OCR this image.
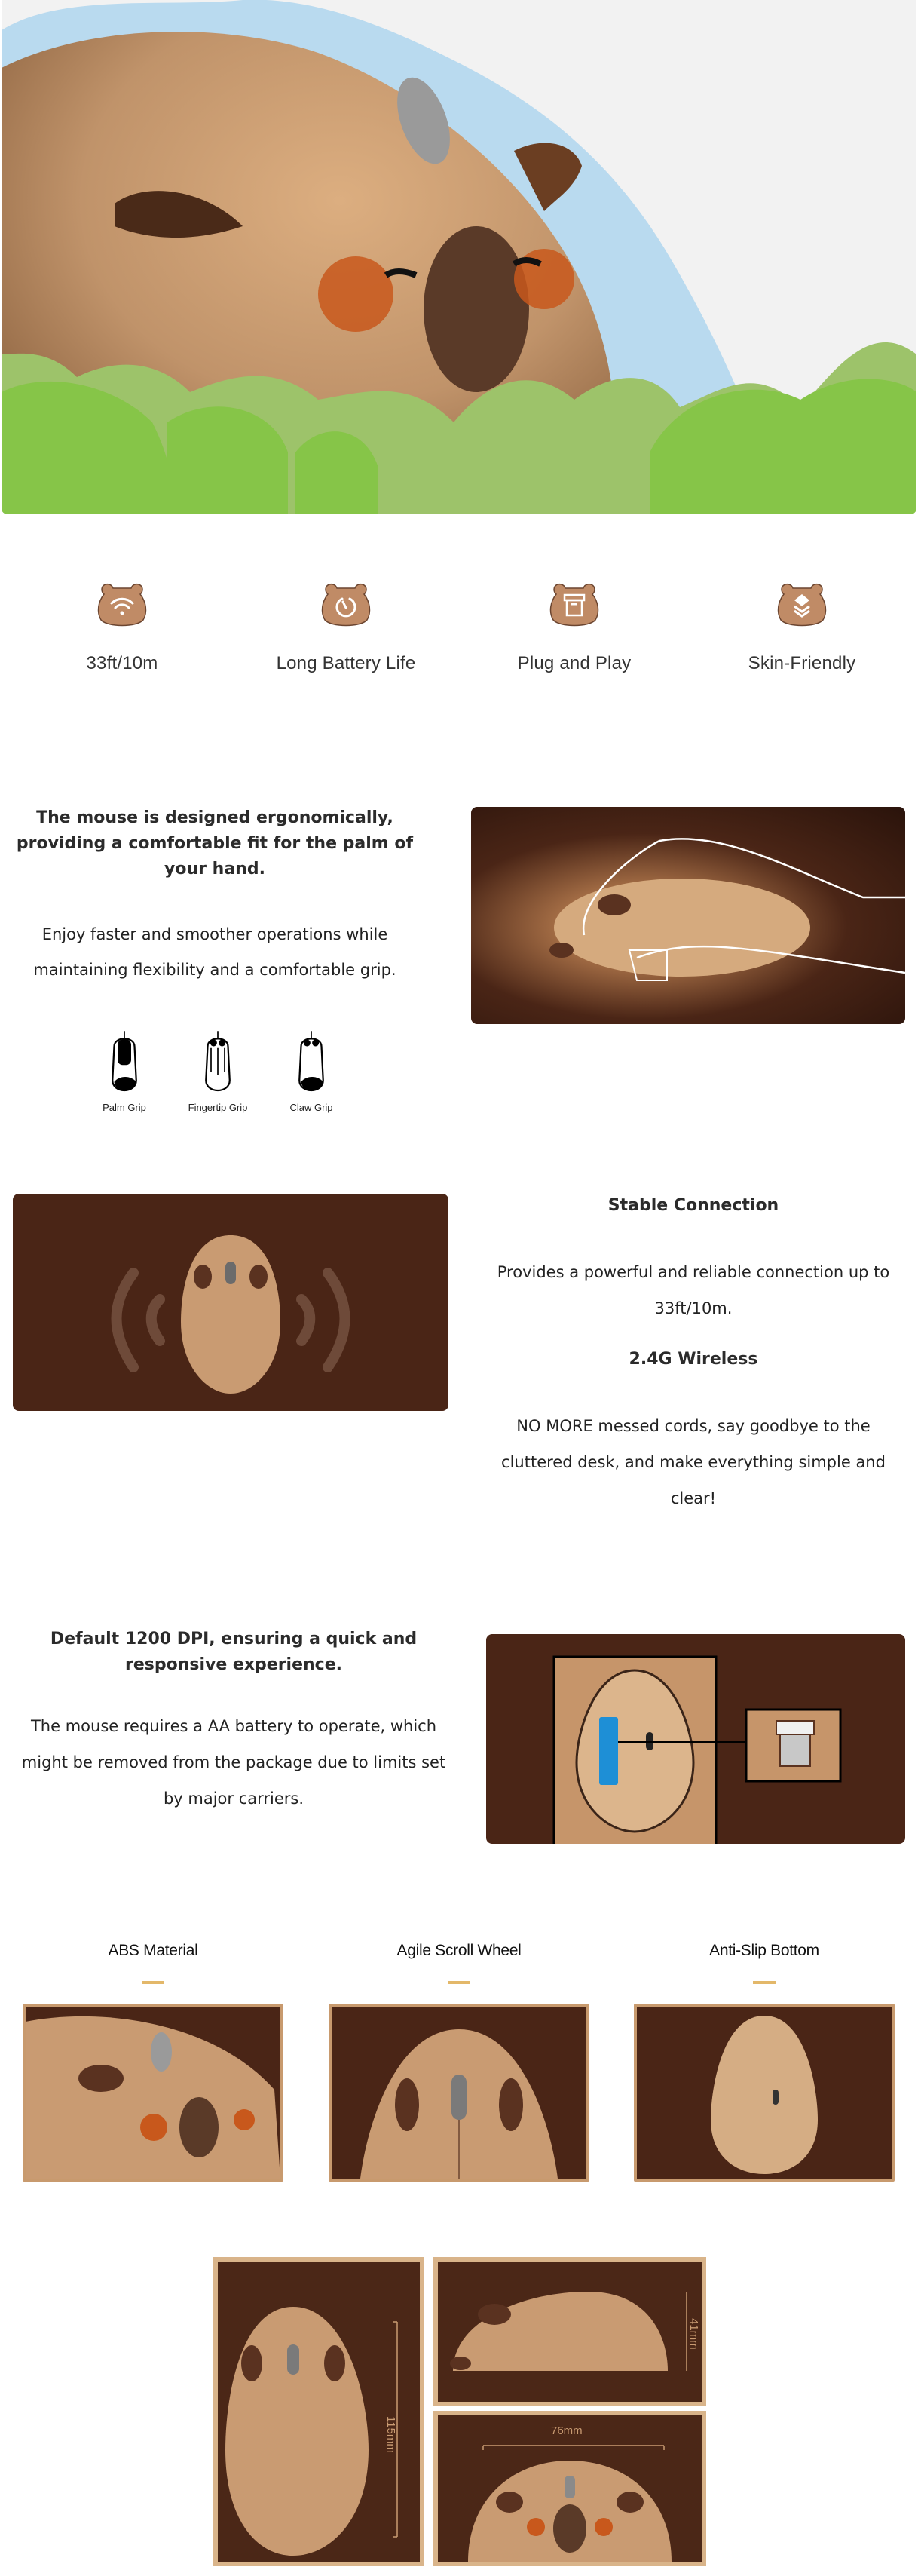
33ft/10m	Long Battery Life	Plug and Play	Skin-Friendly
The mouse is designed ergonomically, providing a comfortable fit for the palm of your hand.
Enjoy faster and smoother operations while maintaining flexibility and a comfortable grip.
Palm Grip	Fingertip Grip	Claw Grip
Stable Connection
Provides a powerful and reliable connection up to 33ft/10m.
2.4G Wireless
NO MORE messed cords, say goodbye to the cluttered desk, and make everything simple and clear!
Default 1200 DPI, ensuring a quick and responsive experience.
The mouse requires a AA battery to operate, which might be removed from the package due to limits set by major carriers.
ABS Material	Agile Scroll Wheel	Anti-Slip Bottom
115mm
41mm
76mm
